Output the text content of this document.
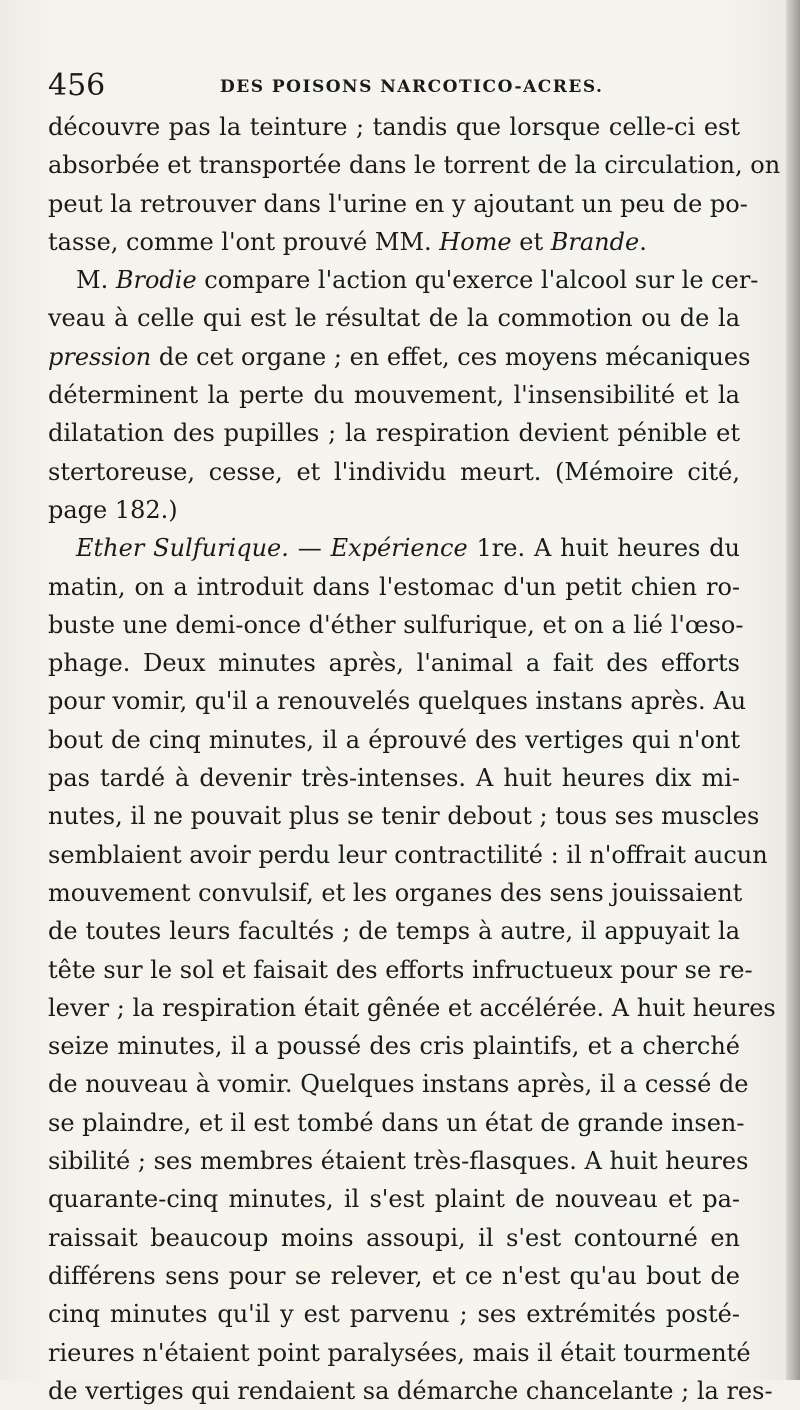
456	DES POISONS NARCOTICO-ACRES.
découvre pas la teinture ; tandis que lorsque celle-ci est
absorbée et transportée dans le torrent de la circulation, on
peut la retrouver dans l'urine en y ajoutant un peu de po-
tasse, comme l'ont prouvé MM. Home et Brande.
M. Brodie compare l'action qu'exerce l'alcool sur le cer-
veau à celle qui est le résultat de la commotion ou de la
pression de cet organe ; en effet, ces moyens mécaniques
déterminent la perte du mouvement, l'insensibilité et la
dilatation des pupilles ; la respiration devient pénible et
stertoreuse, cesse, et l'individu meurt. (Mémoire cité,
page 182.)
Ether Sulfurique. — Expérience 1re. A huit heures du
matin, on a introduit dans l'estomac d'un petit chien ro-
buste une demi-once d'éther sulfurique, et on a lié l'œso-
phage. Deux minutes après, l'animal a fait des efforts
pour vomir, qu'il a renouvelés quelques instans après. Au
bout de cinq minutes, il a éprouvé des vertiges qui n'ont
pas tardé à devenir très-intenses. A huit heures dix mi-
nutes, il ne pouvait plus se tenir debout ; tous ses muscles
semblaient avoir perdu leur contractilité : il n'offrait aucun
mouvement convulsif, et les organes des sens jouissaient
de toutes leurs facultés ; de temps à autre, il appuyait la
tête sur le sol et faisait des efforts infructueux pour se re-
lever ; la respiration était gênée et accélérée. A huit heures
seize minutes, il a poussé des cris plaintifs, et a cherché
de nouveau à vomir. Quelques instans après, il a cessé de
se plaindre, et il est tombé dans un état de grande insen-
sibilité ; ses membres étaient très-flasques. A huit heures
quarante-cinq minutes, il s'est plaint de nouveau et pa-
raissait beaucoup moins assoupi, il s'est contourné en
différens sens pour se relever, et ce n'est qu'au bout de
cinq minutes qu'il y est parvenu ; ses extrémités posté-
rieures n'étaient point paralysées, mais il était tourmenté
de vertiges qui rendaient sa démarche chancelante ; la res-
